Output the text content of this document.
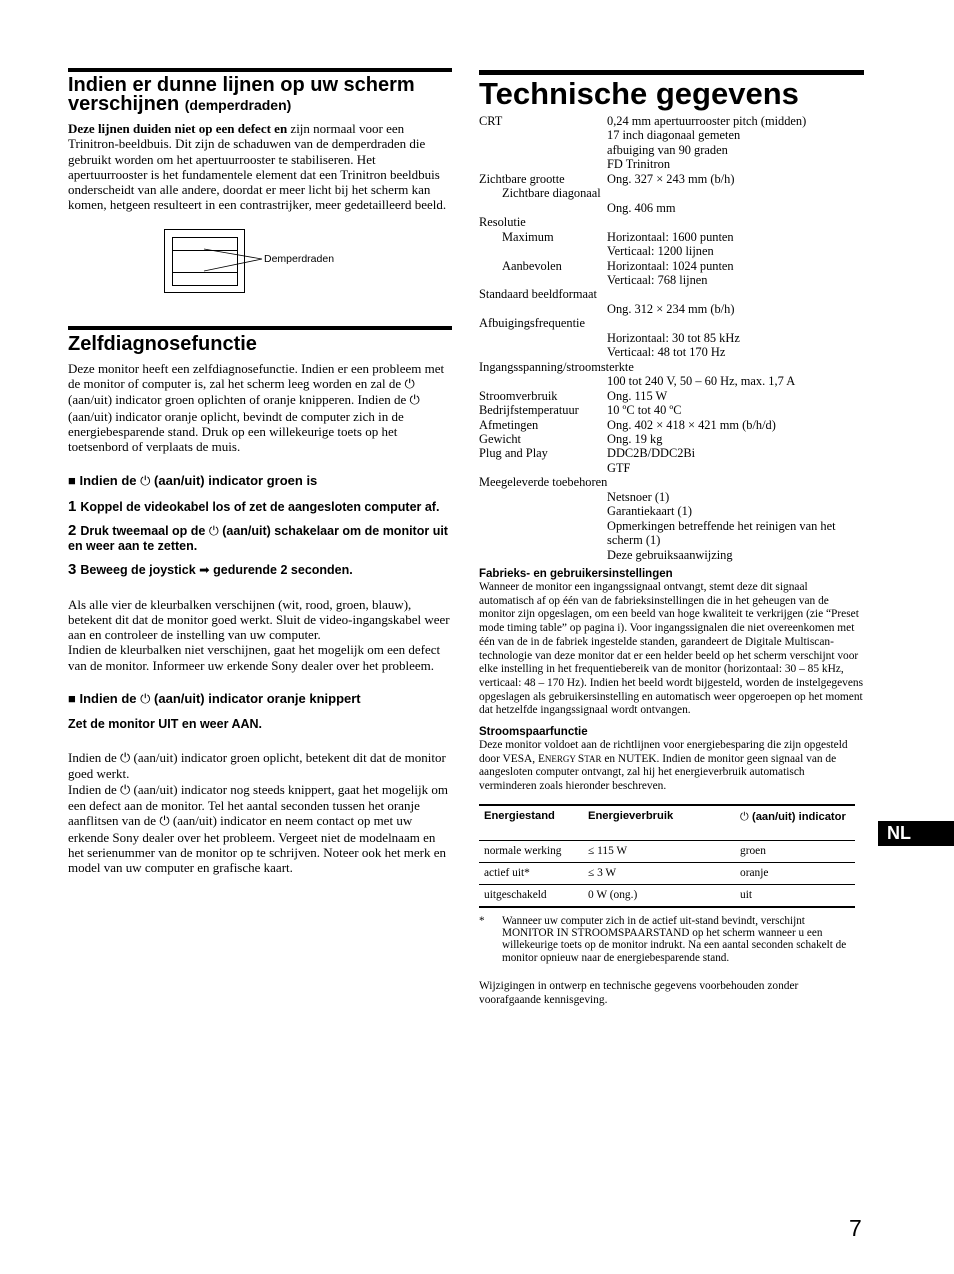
Indien er dunne lijnen op uw scherm verschijnen (demperdraden)

Deze lijnen duiden niet op een defect en zijn normaal voor een Trinitron-beeldbuis. Dit zijn de schaduwen van de demperdraden die gebruikt worden om het apertuurrooster te stabiliseren. Het apertuurrooster is het fundamentele element dat een Trinitron beeldbuis onderscheidt van alle andere, doordat er meer licht bij het scherm kan komen, hetgeen resulteert in een contrastrijker, meer gedetailleerd beeld.

Demperdraden
Zelfdiagnosefunctie

Deze monitor heeft een zelfdiagnosefunctie. Indien er een probleem met de monitor of computer is, zal het scherm leeg worden en zal de ⏻ (aan/uit) indicator groen oplichten of oranje knipperen. Indien de ⏻ (aan/uit) indicator oranje oplicht, bevindt de computer zich in de energiebesparende stand. Druk op een willekeurige toets op het toetsenbord of verplaats de muis.

■ Indien de ⏻ (aan/uit) indicator groen is

1 Koppel de videokabel los of zet de aangesloten computer af.

2 Druk tweemaal op de ⏻ (aan/uit) schakelaar om de monitor uit en weer aan te zetten.

3 Beweeg de joystick ➡ gedurende 2 seconden.

Als alle vier de kleurbalken verschijnen (wit, rood, groen, blauw), betekent dit dat de monitor goed werkt. Sluit de video-ingangskabel weer aan en controleer de instelling van uw computer.

Indien de kleurbalken niet verschijnen, gaat het mogelijk om een defect van de monitor. Informeer uw erkende Sony dealer over het probleem.

■ Indien de ⏻ (aan/uit) indicator oranje knippert

Zet de monitor UIT en weer AAN.

Indien de ⏻ (aan/uit) indicator groen oplicht, betekent dit dat de monitor goed werkt.

Indien de ⏻ (aan/uit) indicator nog steeds knippert, gaat het mogelijk om een defect aan de monitor. Tel het aantal seconden tussen het oranje aanflitsen van de ⏻ (aan/uit) indicator en neem contact op met uw erkende Sony dealer over het probleem. Vergeet niet de modelnaam en het serienummer van de monitor op te schrijven. Noteer ook het merk en model van uw computer en grafische kaart.

Technische gegevens
CRT	0,24 mm apertuurrooster pitch (midden)
	17 inch diagonaal gemeten
	afbuiging van 90 graden
	FD Trinitron
Zichtbare grootte	Ong. 327 × 243 mm (b/h)
Zichtbare diagonaal	
	Ong. 406 mm
Resolutie	
Maximum	Horizontaal: 1600 punten
	Verticaal: 1200 lijnen
Aanbevolen	Horizontaal: 1024 punten
	Verticaal: 768 lijnen
Standaard beeldformaat	
	Ong. 312 × 234 mm (b/h)
Afbuigingsfrequentie	
	Horizontaal: 30 tot 85 kHz
	Verticaal: 48 tot 170 Hz
Ingangsspanning/stroomsterkte	
	100 tot 240 V, 50 – 60 Hz, max. 1,7 A
Stroomverbruik	Ong. 115 W
Bedrijfstemperatuur	10 ºC tot 40 ºC
Afmetingen	Ong. 402 × 418 × 421 mm (b/h/d)
Gewicht	Ong. 19 kg
Plug and Play	DDC2B/DDC2Bi
	GTF
Meegeleverde toebehoren	
	Netsnoer (1)
	Garantiekaart (1)
	Opmerkingen betreffende het reinigen van het scherm (1)
	Deze gebruiksaanwijzing

Fabrieks- en gebruikersinstellingen

Wanneer de monitor een ingangssignaal ontvangt, stemt deze dit signaal automatisch af op één van de fabrieksinstellingen die in het geheugen van de monitor zijn opgeslagen, om een beeld van hoge kwaliteit te verkrijgen (zie “Preset mode timing table” op pagina i). Voor ingangssignalen die niet overeenkomen met één van de in de fabriek ingestelde standen, garandeert de Digitale Multiscan-technologie van deze monitor dat er een helder beeld op het scherm verschijnt voor elke instelling in het frequentiebereik van de monitor (horizontaal: 30 – 85 kHz, verticaal: 48 – 170 Hz). Indien het beeld wordt bijgesteld, worden de instelgegevens opgeslagen als gebruikersinstelling en automatisch weer opgeroepen op het moment dat hetzelfde ingangssignaal wordt ontvangen.

Stroomspaarfunctie

Deze monitor voldoet aan de richtlijnen voor energiebesparing die zijn opgesteld door VESA, ENERGY STAR en NUTEK. Indien de monitor geen signaal van de aangesloten computer ontvangt, zal hij het energieverbruik automatisch verminderen zoals hieronder beschreven.

Energiestand	Energieverbruik	⏻ (aan/uit) indicator
normale werking	≤ 115 W	groen
actief uit*	≤ 3 W	oranje
uitgeschakeld	0 W (ong.)	uit
*	Wanneer uw computer zich in de actief uit-stand bevindt, verschijnt MONITOR IN STROOMSPAARSTAND op het scherm wanneer u een willekeurige toets op de monitor indrukt. Na een aantal seconden schakelt de monitor opnieuw naar de energiebesparende stand.

Wijzigingen in ontwerp en technische gegevens voorbehouden zonder voorafgaande kennisgeving.

NL
7
